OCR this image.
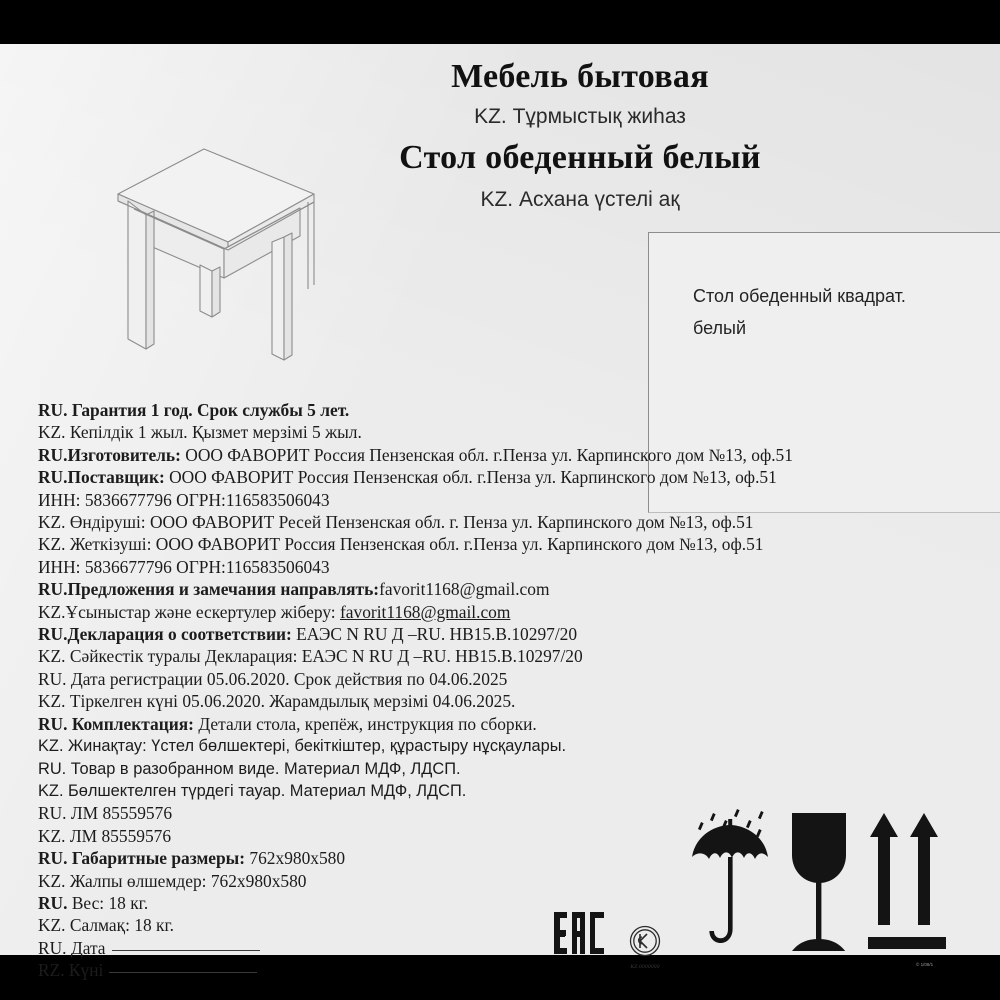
Мебель бытовая
KZ. Тұрмыстық жиһаз
Стол обеденный белый
KZ. Асхана үстелі ақ
Стол обеденный квадрат.
белый
RU. Гарантия 1 год. Срок службы 5 лет.
KZ. Кепілдік 1 жыл. Қызмет мерзімі 5 жыл.
RU.Изготовитель: ООО ФАВОРИТ Россия Пензенская обл. г.Пенза ул. Карпинского дом №13, оф.51
RU.Поставщик: ООО ФАВОРИТ Россия Пензенская обл. г.Пенза ул. Карпинского дом №13, оф.51
ИНН: 5836677796 ОГРН:116583506043
KZ. Өндіруші: ООО ФАВОРИТ Ресей Пензенская обл. г. Пенза ул. Карпинского дом №13, оф.51
KZ. Жеткізуші: ООО ФАВОРИТ Россия Пензенская обл. г.Пенза ул. Карпинского дом №13, оф.51
ИНН: 5836677796 ОГРН:116583506043
RU.Предложения и замечания направлять:favorit1168@gmail.com
KZ.Ұсыныстар және ескертулер жіберу: favorit1168@gmail.com
RU.Декларация о соответствии: ЕАЭС N RU Д –RU. НВ15.В.10297/20
KZ. Сәйкестік туралы Декларация: ЕАЭС N RU Д –RU. НВ15.В.10297/20
RU. Дата регистрации 05.06.2020. Срок действия по 04.06.2025
KZ. Тіркелген күні 05.06.2020. Жарамдылық мерзімі 04.06.2025.
RU. Комплектация: Детали стола, крепёж, инструкция по сборки.
KZ. Жинақтау: Үстел бөлшектері, бекіткіштер, құрастыру нұсқаулары.
RU. Товар в разобранном виде. Материал МДФ, ЛДСП.
KZ. Бөлшектелген түрдегі тауар. Материал МДФ, ЛДСП.
RU. ЛМ 85559576
KZ. ЛМ 85559576
RU. Габаритные размеры: 762x980x580
KZ. Жалпы өлшемдер: 762x980x580
RU. Вес: 18 кг.
KZ. Салмақ: 18 кг.
RU. Дата
RZ. Күні	KZ.0000000	© 1/08/1
